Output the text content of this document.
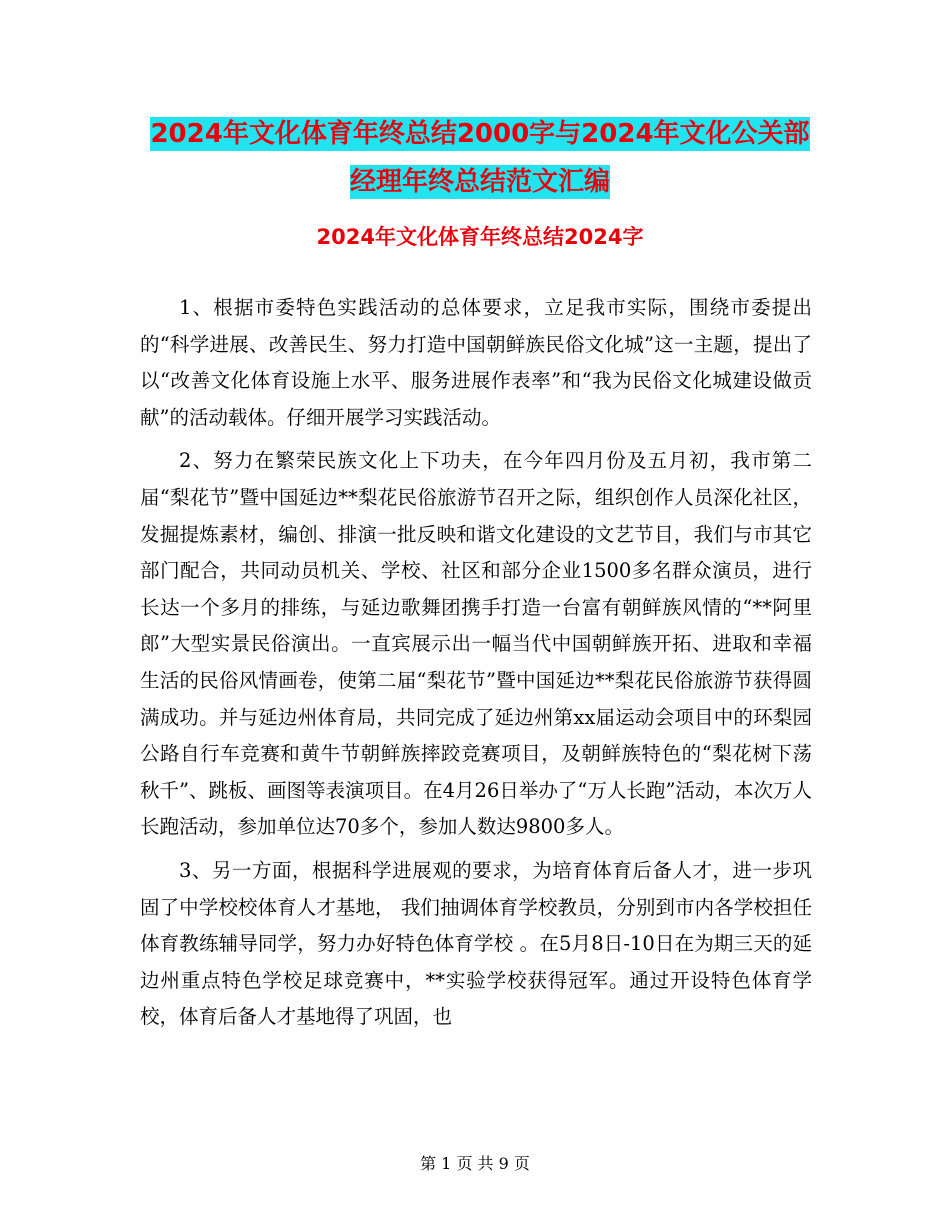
2024年文化体育年终总结2000字与2024年文化公关部经理年终总结范文汇编
2024年文化体育年终总结2024字

1、根据市委特色实践活动的总体要求，立足我市实际，围绕市委提出的“科学进展、改善民生、努力打造中国朝鲜族民俗文化城”这一主题，提出了以“改善文化体育设施上水平、服务进展作表率”和“我为民俗文化城建设做贡献”的活动载体。仔细开展学习实践活动。

2、努力在繁荣民族文化上下功夫，在今年四月份及五月初，我市第二届“梨花节”暨中国延边**梨花民俗旅游节召开之际，组织创作人员深化社区，发掘提炼素材，编创、排演一批反映和谐文化建设的文艺节目，我们与市其它部门配合，共同动员机关、学校、社区和部分企业1500多名群众演员，进行长达一个多月的排练，与延边歌舞团携手打造一台富有朝鲜族风情的“**阿里郎”大型实景民俗演出。一直宾展示出一幅当代中国朝鲜族开拓、进取和幸福生活的民俗风情画卷，使第二届“梨花节”暨中国延边**梨花民俗旅游节获得圆满成功。并与延边州体育局，共同完成了延边州第xx届运动会项目中的环梨园公路自行车竞赛和黄牛节朝鲜族摔跤竞赛项目，及朝鲜族特色的“梨花树下荡秋千”、跳板、画图等表演项目。在4月26日举办了“万人长跑”活动，本次万人长跑活动，参加单位达70多个，参加人数达9800多人。

3、另一方面，根据科学进展观的要求，为培育体育后备人才，进一步巩固了中学校校体育人才基地， 我们抽调体育学校教员，分别到市内各学校担任体育教练辅导同学，努力办好特色体育学校 。在5月8日-10日在为期三天的延边州重点特色学校足球竞赛中，**实验学校获得冠军。通过开设特色体育学校，体育后备人才基地得了巩固，也

第 1 页 共 9 页
